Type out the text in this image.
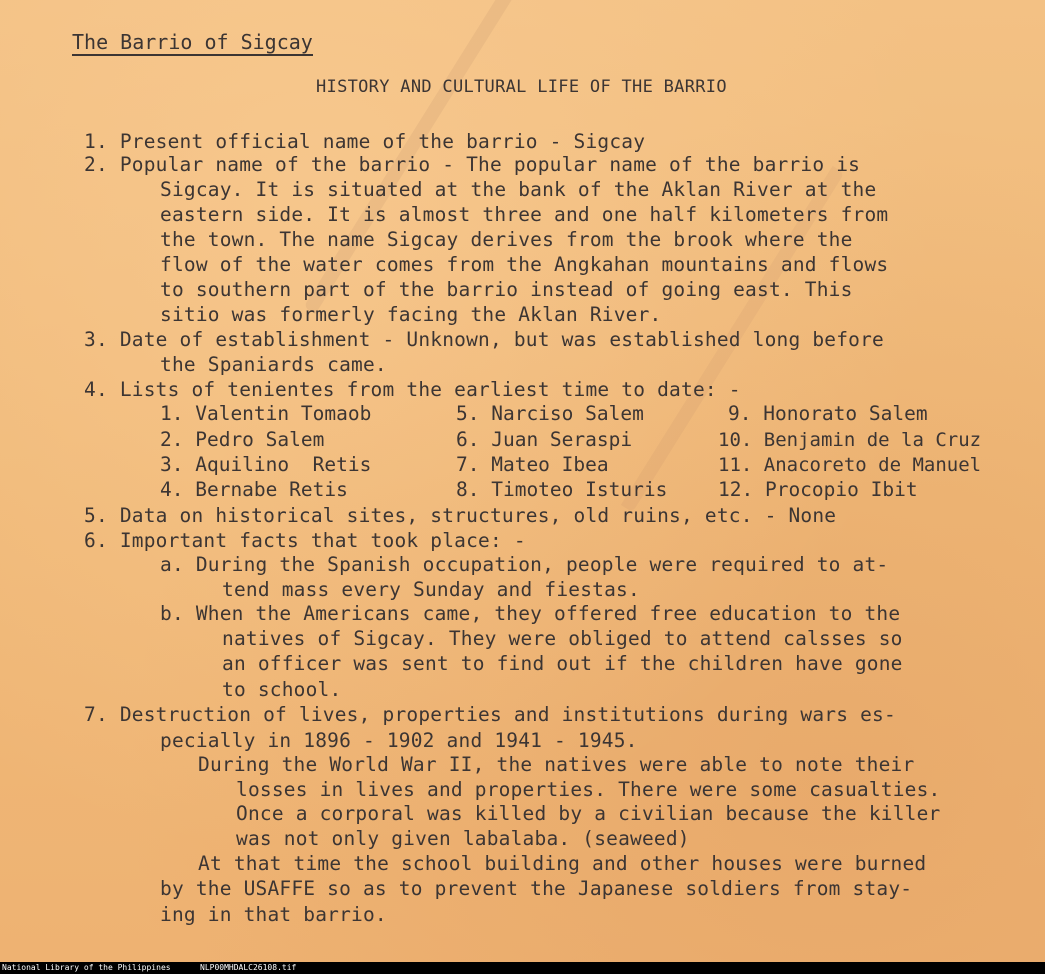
The Barrio of Sigcay
HISTORY AND CULTURAL LIFE OF THE BARRIO
1. Present official name of the barrio - Sigcay
2. Popular name of the barrio - The popular name of the barrio is
Sigcay. It is situated at the bank of the Aklan River at the
eastern side. It is almost three and one half kilometers from
the town. The name Sigcay derives from the brook where the
flow of the water comes from the Angkahan mountains and flows
to southern part of the barrio instead of going east. This
sitio was formerly facing the Aklan River.
3. Date of establishment - Unknown, but was established long before
the Spaniards came.
4. Lists of tenientes from the earliest time to date: -
1. Valentin Tomaob
2. Pedro Salem
3. Aquilino  Retis
4. Bernabe Retis
5. Narciso Salem
6. Juan Seraspi
7. Mateo Ibea
8. Timoteo Isturis
9. Honorato Salem
10. Benjamin de la Cruz
11. Anacoreto de Manuel
12. Procopio Ibit
5. Data on historical sites, structures, old ruins, etc. - None
6. Important facts that took place: -
a. During the Spanish occupation, people were required to at-
tend mass every Sunday and fiestas.
b. When the Americans came, they offered free education to the
natives of Sigcay. They were obliged to attend calsses so
an officer was sent to find out if the children have gone
to school.
7. Destruction of lives, properties and institutions during wars es-
pecially in 1896 - 1902 and 1941 - 1945.
During the World War II, the natives were able to note their
losses in lives and properties. There were some casualties.
Once a corporal was killed by a civilian because the killer
was not only given labalaba. (seaweed)
At that time the school building and other houses were burned
by the USAFFE so as to prevent the Japanese soldiers from stay-
ing in that barrio.
National Library of the Philippines	NLP00MHDALC26108.tif
